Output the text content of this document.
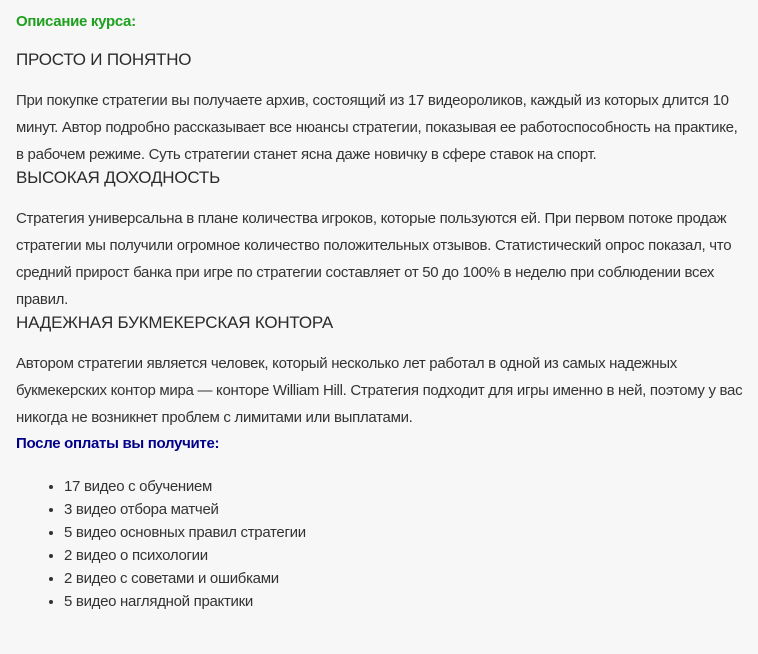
Описание курса:
ПРОСТО И ПОНЯТНО

При покупке стратегии вы получаете архив, состоящий из 17 видеороликов, каждый из которых длится 10 минут. Автор подробно рассказывает все нюансы стратегии, показывая ее работоспособность на практике, в рабочем режиме. Суть стратегии станет ясна даже новичку в сфере ставок на спорт.

ВЫСОКАЯ ДОХОДНОСТЬ

Стратегия универсальна в плане количества игроков, которые пользуются ей. При первом потоке продаж стратегии мы получили огромное количество положительных отзывов. Статистический опрос показал, что средний прирост банка при игре по стратегии составляет от 50 до 100% в неделю при соблюдении всех правил.

НАДЕЖНАЯ БУКМЕКЕРСКАЯ КОНТОРА

Автором стратегии является человек, который несколько лет работал в одной из самых надежных букмекерских контор мира — конторе William Hill. Стратегия подходит для игры именно в ней, поэтому у вас никогда не возникнет проблем с лимитами или выплатами.

После оплаты вы получите:
• 17 видео с обучением
• 3 видео отбора матчей
• 5 видео основных правил стратегии
• 2 видео о психологии
• 2 видео с советами и ошибками
• 5 видео наглядной практики
